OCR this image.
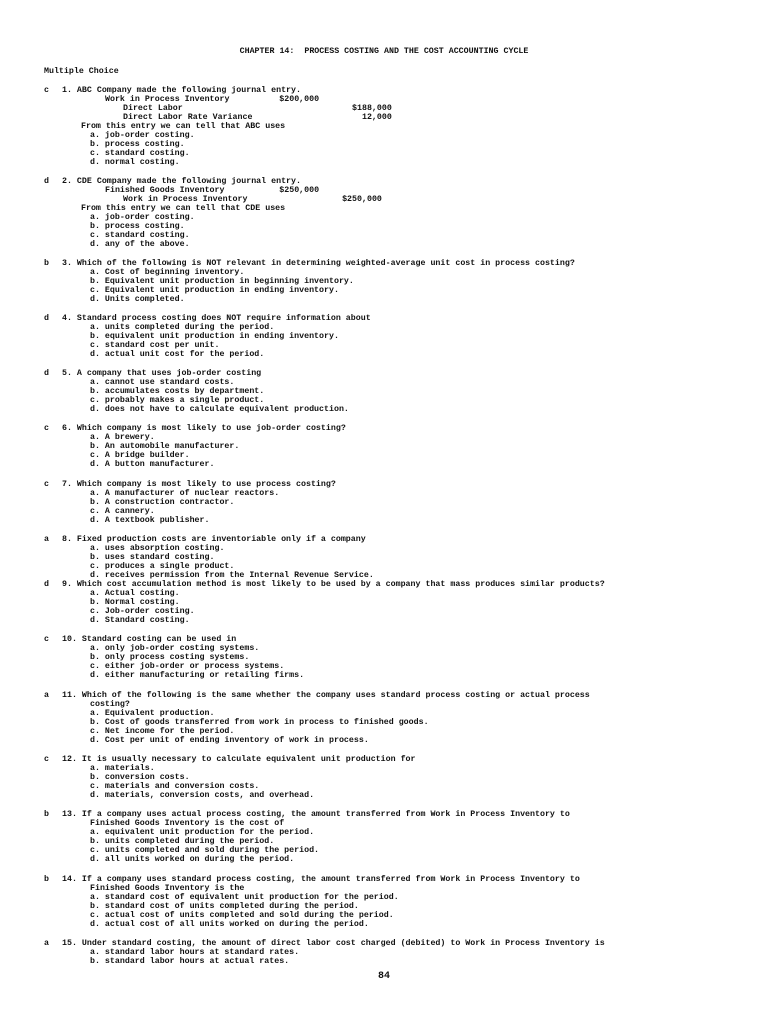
CHAPTER 14:  PROCESS COSTING AND THE COST ACCOUNTING CYCLE
Multiple Choice
c	1. ABC Company made the following journal entry.
Work in Process Inventory          $200,000
Direct Labor                                  $188,000
Direct Labor Rate Variance                      12,000
From this entry we can tell that ABC uses
a. job-order costing.
b. process costing.
c. standard costing.
d. normal costing.
d	2. CDE Company made the following journal entry.
Finished Goods Inventory           $250,000
Work in Process Inventory                   $250,000
From this entry we can tell that CDE uses
a. job-order costing.
b. process costing.
c. standard costing.
d. any of the above.
b	3. Which of the following is NOT relevant in determining weighted-average unit cost in process costing?
a. Cost of beginning inventory.
b. Equivalent unit production in beginning inventory.
c. Equivalent unit production in ending inventory.
d. Units completed.
d	4. Standard process costing does NOT require information about
a. units completed during the period.
b. equivalent unit production in ending inventory.
c. standard cost per unit.
d. actual unit cost for the period.
d	5. A company that uses job-order costing
a. cannot use standard costs.
b. accumulates costs by department.
c. probably makes a single product.
d. does not have to calculate equivalent production.
c	6. Which company is most likely to use job-order costing?
a. A brewery.
b. An automobile manufacturer.
c. A bridge builder.
d. A button manufacturer.
c	7. Which company is most likely to use process costing?
a. A manufacturer of nuclear reactors.
b. A construction contractor.
c. A cannery.
d. A textbook publisher.
a	8. Fixed production costs are inventoriable only if a company
a. uses absorption costing.
b. uses standard costing.
c. produces a single product.
d. receives permission from the Internal Revenue Service.
d	9. Which cost accumulation method is most likely to be used by a company that mass produces similar products?
a. Actual costing.
b. Normal costing.
c. Job-order costing.
d. Standard costing.
c	10. Standard costing can be used in
a. only job-order costing systems.
b. only process costing systems.
c. either job-order or process systems.
d. either manufacturing or retailing firms.
a	11. Which of the following is the same whether the company uses standard process costing or actual process
costing?
a. Equivalent production.
b. Cost of goods transferred from work in process to finished goods.
c. Net income for the period.
d. Cost per unit of ending inventory of work in process.
c	12. It is usually necessary to calculate equivalent unit production for
a. materials.
b. conversion costs.
c. materials and conversion costs.
d. materials, conversion costs, and overhead.
b	13. If a company uses actual process costing, the amount transferred from Work in Process Inventory to
Finished Goods Inventory is the cost of
a. equivalent unit production for the period.
b. units completed during the period.
c. units completed and sold during the period.
d. all units worked on during the period.
b	14. If a company uses standard process costing, the amount transferred from Work in Process Inventory to
Finished Goods Inventory is the
a. standard cost of equivalent unit production for the period.
b. standard cost of units completed during the period.
c. actual cost of units completed and sold during the period.
d. actual cost of all units worked on during the period.
a	15. Under standard costing, the amount of direct labor cost charged (debited) to Work in Process Inventory is
a. standard labor hours at standard rates.
b. standard labor hours at actual rates.
84
